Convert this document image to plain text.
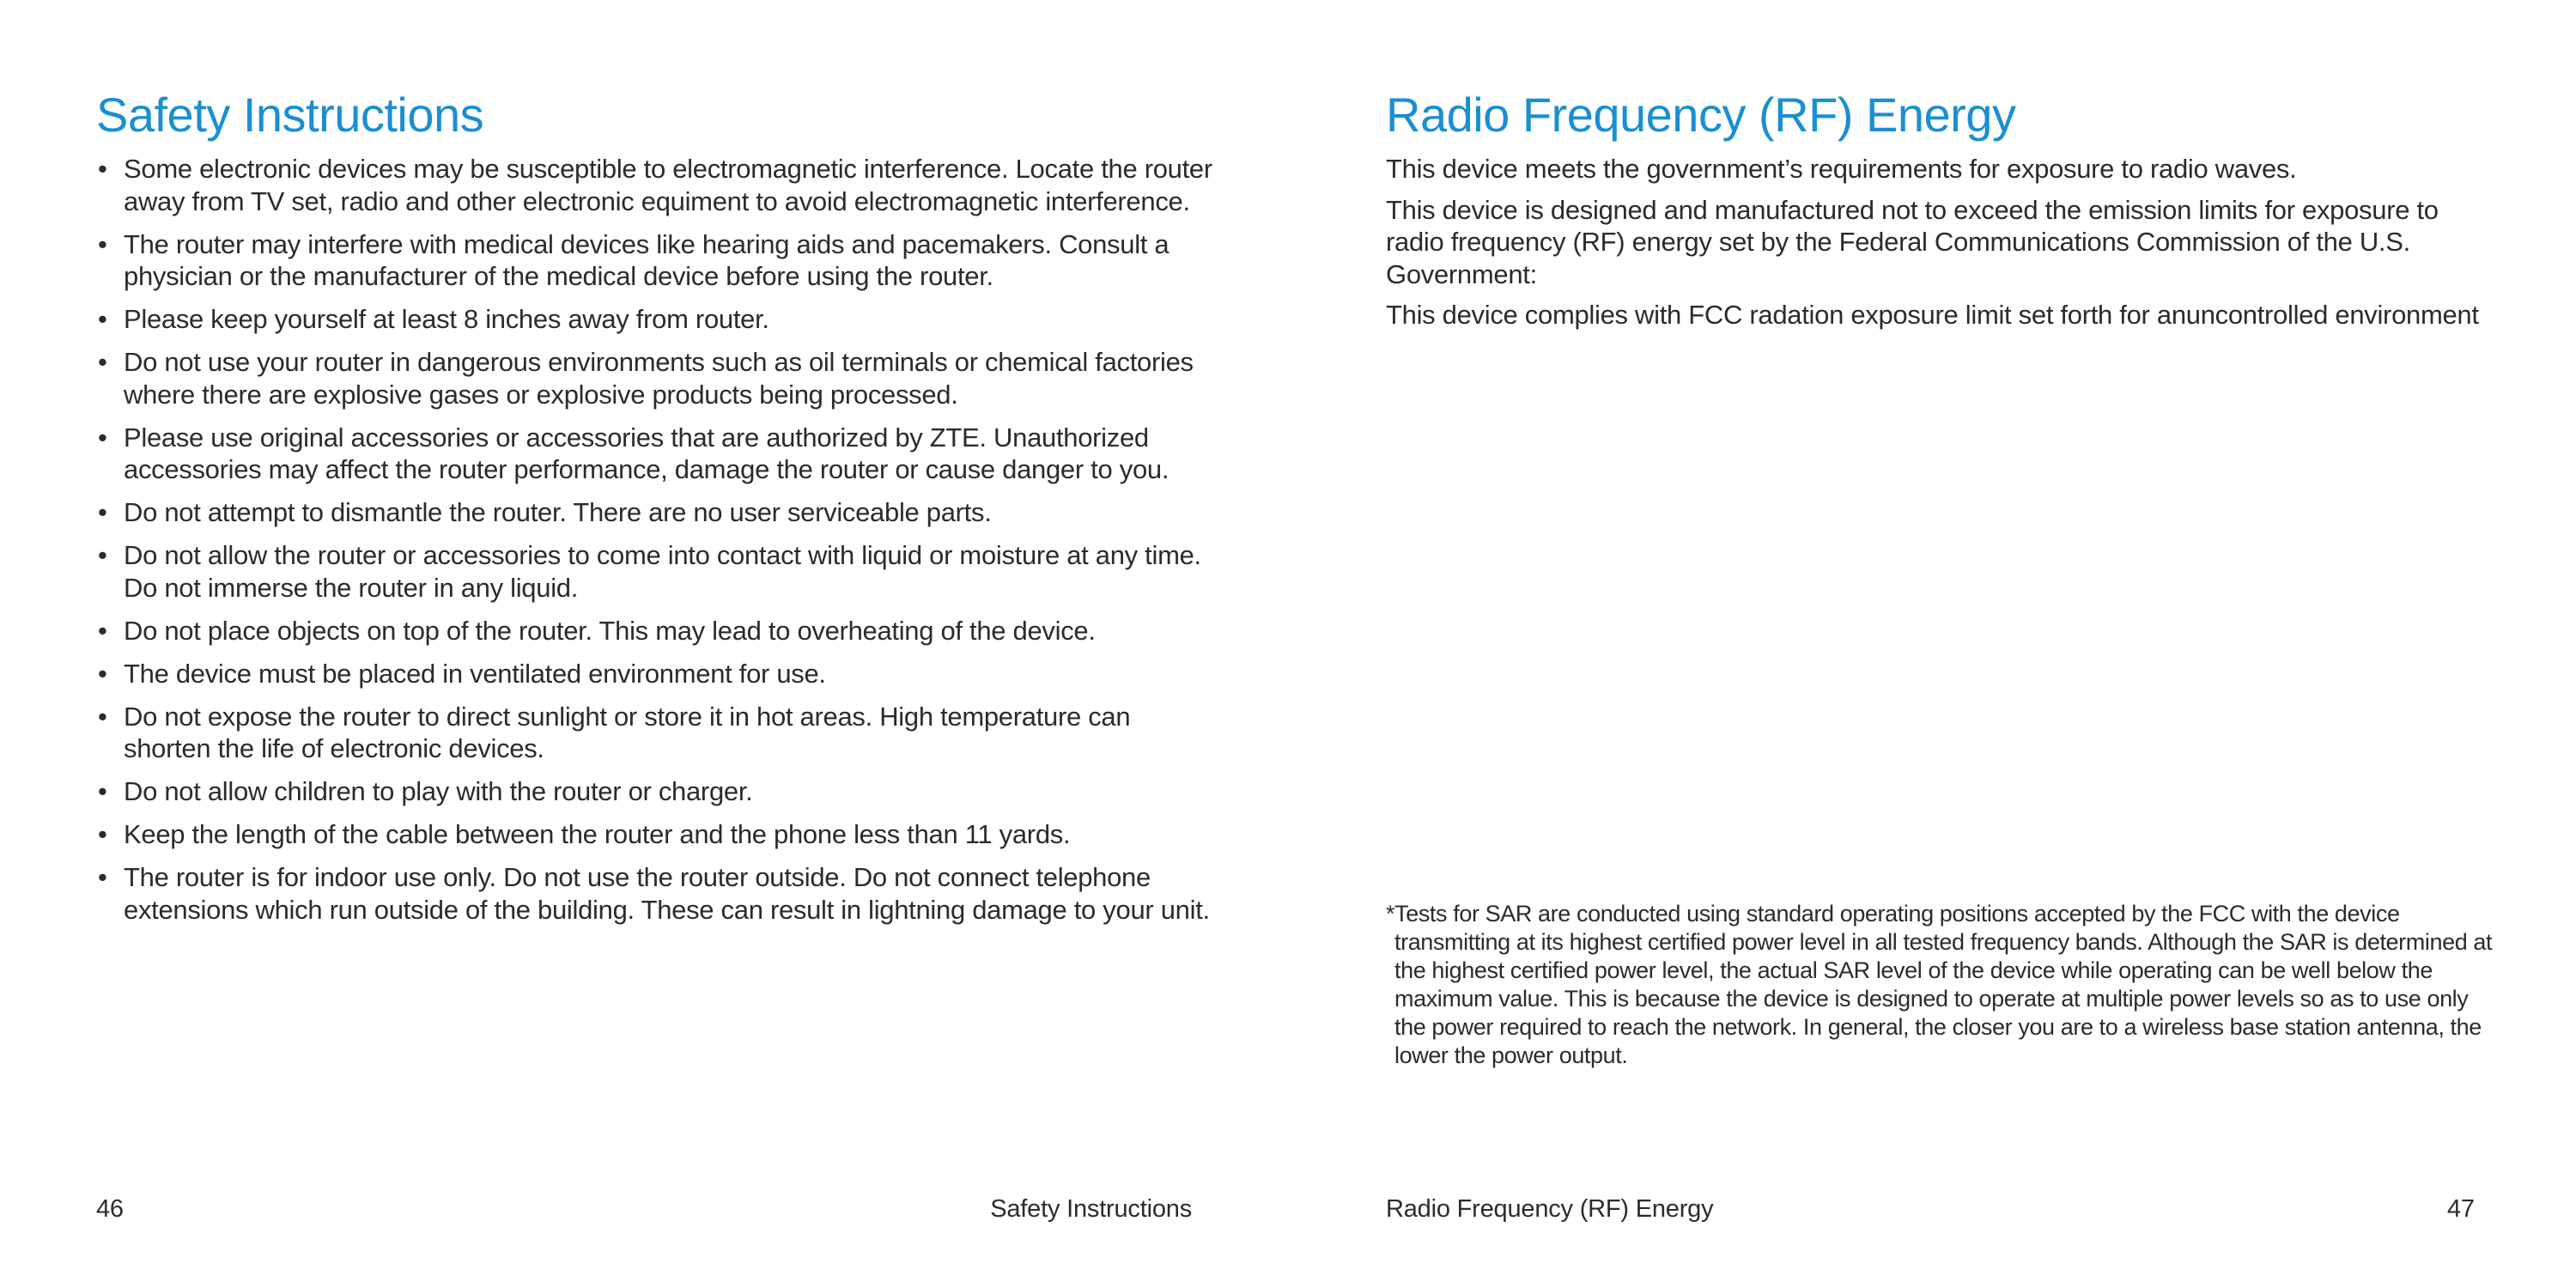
Safety Instructions
• Some electronic devices may be susceptible to electromagnetic interference. Locate the router away from TV set, radio and other electronic equiment to avoid electromagnetic interference.
• The router may interfere with medical devices like hearing aids and pacemakers. Consult a physician or the manufacturer of the medical device before using the router.
• Please keep yourself at least 8 inches away from router.
• Do not use your router in dangerous environments such as oil terminals or chemical factories where there are explosive gases or explosive products being processed.
• Please use original accessories or accessories that are authorized by ZTE. Unauthorized accessories may affect the router performance, damage the router or cause danger to you.
• Do not attempt to dismantle the router. There are no user serviceable parts.
• Do not allow the router or accessories to come into contact with liquid or moisture at any time. Do not immerse the router in any liquid.
• Do not place objects on top of the router. This may lead to overheating of the device.
• The device must be placed in ventilated environment for use.
• Do not expose the router to direct sunlight or store it in hot areas. High temperature can shorten the life of electronic devices.
• Do not allow children to play with the router or charger.
• Keep the length of the cable between the router and the phone less than 11 yards.
• The router is for indoor use only. Do not use the router outside. Do not connect telephone extensions which run outside of the building. These can result in lightning damage to your unit.
46	Safety Instructions
Radio Frequency (RF) Energy

This device meets the government’s requirements for exposure to radio waves.

This device is designed and manufactured not to exceed the emission limits for exposure to radio frequency (RF) energy set by the Federal Communications Commission of the U.S. Government:

This device complies with FCC radation exposure limit set forth for anuncontrolled environment

*Tests for SAR are conducted using standard operating positions accepted by the FCC with the device transmitting at its highest certified power level in all tested frequency bands. Although the SAR is determined at the highest certified power level, the actual SAR level of the device while operating can be well below the maximum value. This is because the device is designed to operate at multiple power levels so as to use only the power required to reach the network. In general, the closer you are to a wireless base station antenna, the lower the power output.

Radio Frequency (RF) Energy	47
